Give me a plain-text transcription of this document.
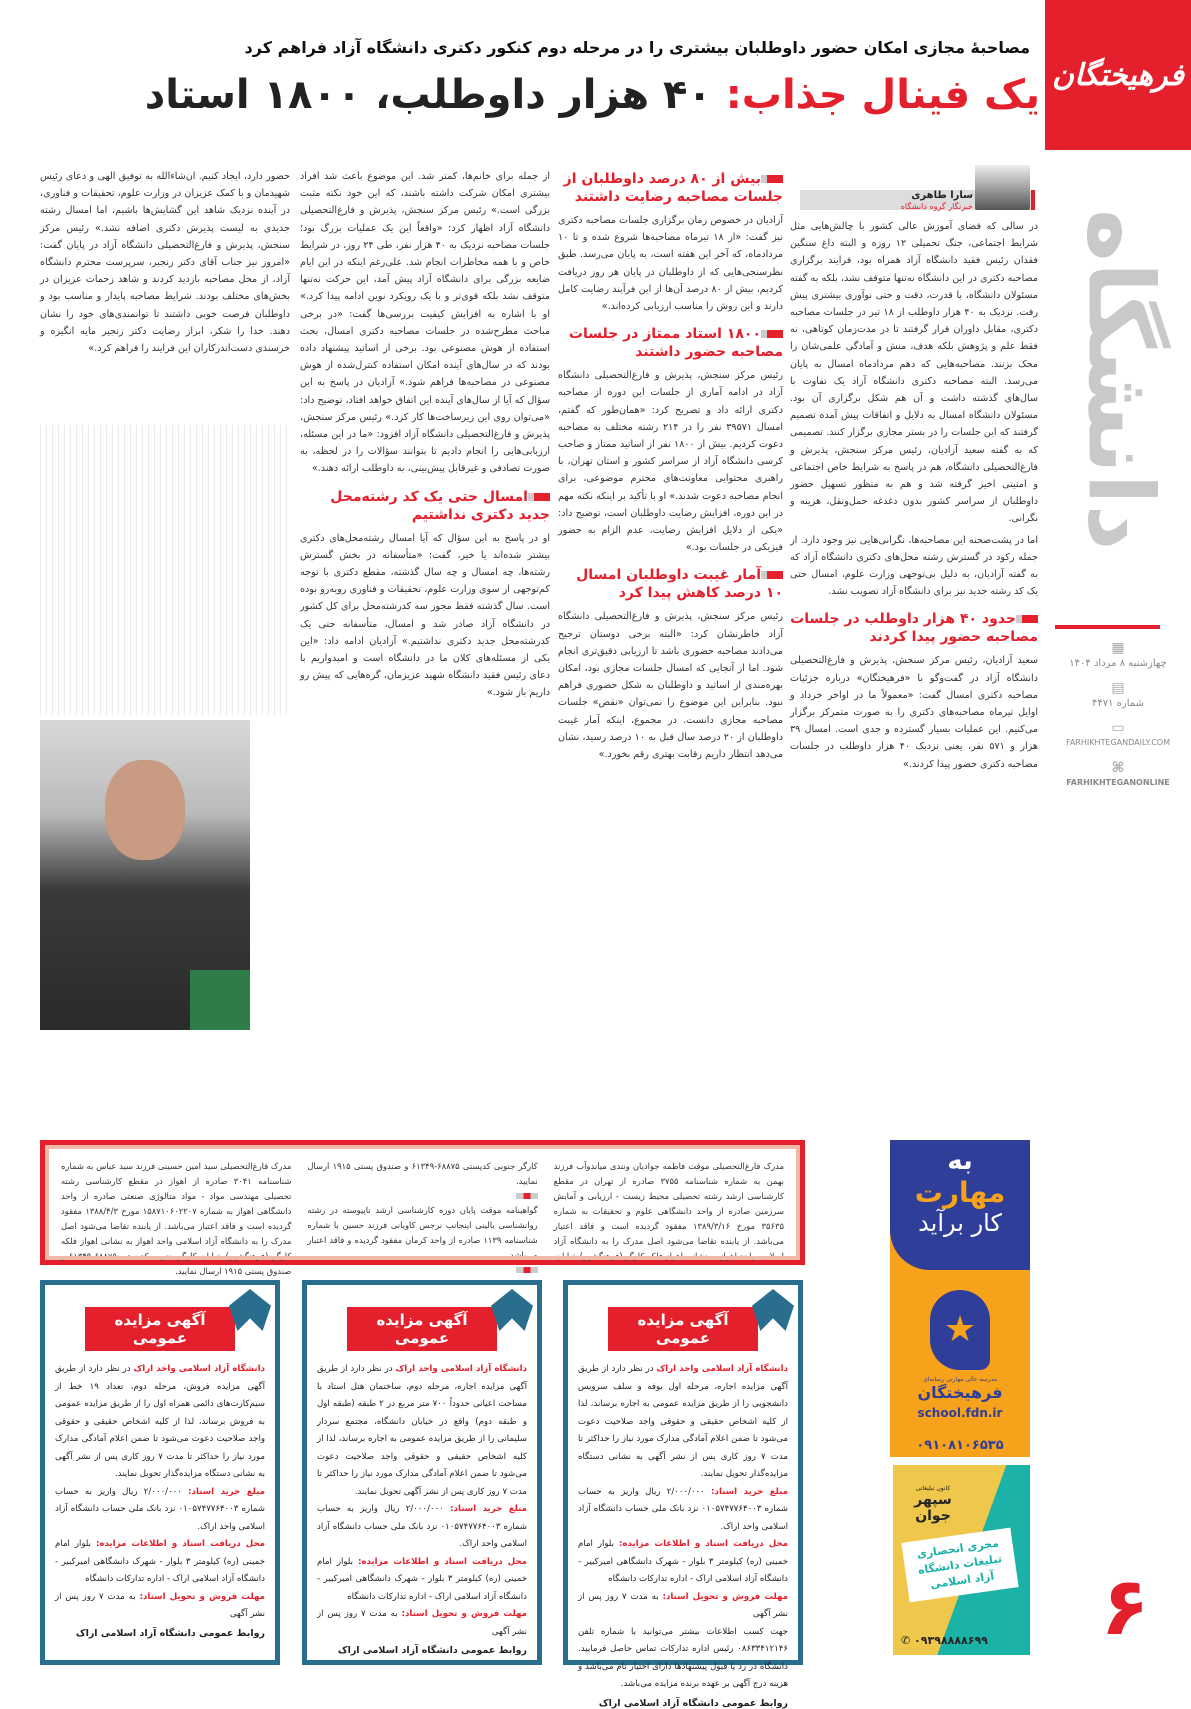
فرهیختگان
دانشگاه
▦
چهارشنبه ۸ مرداد ۱۴۰۴
▤
شماره ۴۴۷۱
▭
FARHIKHTEGANDAILY.COM
⌘
FARHIKHTEGANONLINE
۶
مصاحبهٔ مجازی امکان حضور داوطلبان بیشتری را در مرحله دوم کنکور دکتری دانشگاه آزاد فراهم کرد
یک فینال جذاب: ۴۰ هزار داوطلب، ۱۸۰۰ استاد
سارا طاهری
خبرنگار گروه دانشگاه

در سالی که فضای آموزش عالی کشور با چالش‌هایی مثل شرایط اجتماعی، جنگ تحمیلی ۱۲ روزه و البته داغ سنگین فقدان رئیس فقید دانشگاه آزاد همراه بود، فرایند برگزاری مصاحبه دکتری در این دانشگاه نه‌تنها متوقف نشد، بلکه به گفته مسئولان دانشگاه، با قدرت، دقت و حتی نوآوری بیشتری پیش رفت. نزدیک به ۴۰ هزار داوطلب از ۱۸ تیر در جلسات مصاحبه دکتری، مقابل داوران قرار گرفتند تا در مدت‌زمان کوتاهی، نه فقط علم و پژوهش بلکه هدف، منش و آمادگی علمی‌شان را محک بزنند. مصاحبه‌هایی که دهم مردادماه امسال به پایان می‌رسد. البته مصاحبه دکتری دانشگاه آزاد یک تفاوت با سال‌های گذشته داشت و آن هم شکل برگزاری آن بود. مسئولان دانشگاه امسال به دلایل و اتفاقات پیش آمده تصمیم گرفتند که این جلسات را در بستر مجازی برگزار کنند. تصمیمی که به گفته سعید آزادیان، رئیس مرکز سنجش، پذیرش و فارغ‌التحصیلی دانشگاه، هم در پاسخ به شرایط خاص اجتماعی و امنیتی اخیر گرفته شد و هم به منظور تسهیل حضور داوطلبان از سراسر کشور بدون دغدغه حمل‌ونقل، هزینه و نگرانی.

اما در پشت‌صحنه این مصاحبه‌ها، نگرانی‌هایی نیز وجود دارد. از جمله رکود در گسترش رشته محل‌های دکتری دانشگاه آزاد که به گفته آزادیان، به دلیل بی‌توجهی وزارت علوم، امسال حتی یک کد رشته جدید نیز برای دانشگاه آزاد تصویب نشد.

حدود ۴۰ هزار داوطلب در جلسات مصاحبه حضور پیدا کردند

سعید آزادیان، رئیس مرکز سنجش، پذیرش و فارغ‌التحصیلی دانشگاه آزاد در گفت‌وگو با «فرهیختگان» درباره جزئیات مصاحبه دکتری امسال گفت: «معمولاً ما در اواخر خرداد و اوایل تیرماه مصاحبه‌های دکتری را به صورت متمرکز برگزار می‌کنیم. این عملیات بسیار گسترده و جدی است. امسال ۳۹ هزار و ۵۷۱ نفر، یعنی نزدیک ۴۰ هزار داوطلب در جلسات مصاحبه دکتری حضور پیدا کردند.»

بیش از ۸۰ درصد داوطلبان از جلسات مصاحبه رضایت داشتند

آزادیان در خصوص زمان برگزاری جلسات مصاحبه دکتری نیز گفت: «از ۱۸ تیرماه مصاحبه‌ها شروع شده و تا ۱۰ مردادماه، که آخر این هفته است، به پایان می‌رسد. طبق نظرسنجی‌هایی که از داوطلبان در پایان هر روز دریافت کردیم، بیش از ۸۰ درصد آن‌ها از این فرآیند رضایت کامل دارند و این روش را مناسب ارزیابی کرده‌اند.»

۱۸۰۰ استاد ممتاز در جلسات مصاحبه حضور داشتند

رئیس مرکز سنجش، پذیرش و فارغ‌التحصیلی دانشگاه آزاد در ادامه آماری از جلسات این دوره از مصاحبه دکتری ارائه داد و تصریح کرد: «همان‌طور که گفتم، امسال ۳۹۵۷۱ نفر را در ۲۱۴ رشته مختلف به مصاحبه دعوت کردیم. بیش از ۱۸۰۰ نفر از اساتید ممتاز و صاحب کرسی دانشگاه آزاد از سراسر کشور و استان تهران، با راهبری محتوایی معاونت‌های محترم موضوعی، برای انجام مصاحبه دعوت شدند.» او با تأکید بر اینکه نکته مهم در این دوره، افزایش رضایت داوطلبان است، توضیح داد: «یکی از دلایل افزایش رضایت، عدم الزام به حضور فیزیکی در جلسات بود.»

آمار غیبت داوطلبان امسال ۱۰ درصد کاهش پیدا کرد

رئیس مرکز سنجش، پذیرش و فارغ‌التحصیلی دانشگاه آزاد خاطرنشان کرد: «البته برخی دوستان ترجیح می‌دادند مصاحبه حضوری باشد تا ارزیابی دقیق‌تری انجام شود. اما از آنجایی که امسال جلسات مجازی بود، امکان بهره‌مندی از اساتید و داوطلبان به شکل حضوری فراهم نبود. بنابراین این موضوع را نمی‌توان «نقص» جلسات مصاحبه مجازی دانست. در مجموع، اینکه آمار غیبت داوطلبان از ۲۰ درصد سال قبل به ۱۰ درصد رسید، نشان می‌دهد انتظار داریم رقابت بهتری رقم بخورد.»

از جمله برای خانم‌ها، کمتر شد. این موضوع باعث شد افراد بیشتری امکان شرکت داشته باشند، که این خود نکته مثبت بزرگی است.» رئیس مرکز سنجش، پذیرش و فارغ‌التحصیلی دانشگاه آزاد اظهار کرد: «واقعاً این یک عملیات بزرگ بود؛ جلسات مصاحبه نزدیک به ۴۰ هزار نفر، طی ۲۴ روز، در شرایط خاص و با همه مخاطرات انجام شد. علی‌رغم اینکه در این ایام ضایعه بزرگی برای دانشگاه آزاد پیش آمد، این حرکت نه‌تنها متوقف نشد بلکه قوی‌تر و با یک رویکرد نوین ادامه پیدا کرد.» او با اشاره به افزایش کیفیت بررسی‌ها گفت: «در برخی مباحث مطرح‌شده در جلسات مصاحبه دکتری امسال، بحث استفاده از هوش مصنوعی بود. برخی از اساتید پیشنهاد داده بودند که در سال‌های آینده امکان استفاده کنترل‌شده از هوش مصنوعی در مصاحبه‌ها فراهم شود.» آزادیان در پاسخ به این سؤال که آیا از سال‌های آینده این اتفاق خواهد افتاد، توضیح داد: «می‌توان روی این زیرساخت‌ها کار کرد.» رئیس مرکز سنجش، پذیرش و فارغ‌التحصیلی دانشگاه آزاد افزود: «ما در این مسئله، ارزیابی‌هایی را انجام دادیم تا بتوانند سؤالات را در لحظه، به صورت تصادفی و غیرقابل پیش‌بینی، به داوطلب ارائه دهند.»

امسال حتی یک کد رشته‌محل جدید دکتری نداشتیم

او در پاسخ به این سؤال که آیا امسال رشته‌محل‌های دکتری بیشتر شده‌اند یا خیر، گفت: «متأسفانه در بخش گسترش رشته‌ها، چه امسال و چه سال گذشته، مقطع دکتری با توجه کم‌توجهی از سوی وزارت علوم، تحقیقات و فناوری رویه‌رو بوده است. سال گذشته فقط مجوز سه کدرشته‌محل برای کل کشور در دانشگاه آزاد صادر شد و امسال، متأسفانه حتی یک کدرشته‌محل جدید دکتری نداشتیم.» آزادیان ادامه داد: «این یکی از مسئله‌های کلان ما در دانشگاه است و امیدواریم با دعای رئیس فقید دانشگاه شهید عزیزمان، گره‌هایی که پیش رو داریم باز شود.»

حضور دارد، ایجاد کنیم. ان‌شاءالله به توفیق الهی و دعای رئیس شهیدمان و با کمک عزیزان در وزارت علوم، تحقیقات و فناوری، در آینده نزدیک شاهد این گشایش‌ها باشیم، اما امسال رشته جدیدی به لیست پذیرش دکتری اضافه نشد.» رئیس مرکز سنجش، پذیرش و فارغ‌التحصیلی دانشگاه آزاد در پایان گفت: «امروز نیز جناب آقای دکتر زنجیر، سرپرست محترم دانشگاه آزاد، از محل مصاحبه بازدید کردند و شاهد زحمات عزیزان در بخش‌های مختلف بودند. شرایط مصاحبه پایدار و مناسب بود و داوطلبان فرصت خوبی داشتند تا توانمندی‌های خود را نشان دهند. خدا را شکر، ابراز رضایت دکتر زنجیر مایه انگیزه و خرسندی دست‌اندرکاران این فرایند را فراهم کرد.»

مدرک فارغ‌التحصیلی موقت فاطمه جوادیان ونندی میاندوآب فرزند بهمن به شماره شناسنامه ۳۷۵۵ صادره از تهران در مقطع کارشناسی ارشد رشته تحصیلی محیط زیست - ارزیابی و آمایش سرزمین صادره از واحد دانشگاهی علوم و تحقیقات به شماره ۳۵۶۳۵ مورخ ۱۳۸۹/۳/۱۶ مفقود گردیده است و فاقد اعتبار می‌باشد. از یابنده تقاضا می‌شود اصل مدرک را به دانشگاه آزاد اسلامی واحد اهواز به نشانی اهواز فلکه کارگر (فرهنگشهر) خیابان
کارگر جنوبی کدپستی ۶۸۸۷۵-۶۱۳۴۹ و صندوق پستی ۱۹۱۵ ارسال نمایید.
گواهینامه موقت پایان دوره کارشناسی ارشد ناپیوسته در رشته روانشناسی بالینی اینجانب نرجس کاویانی فرزند حسین با شماره شناسنامه ۱۱۳۹ صادره از واحد کرمان مفقود گردیده و فاقد اعتبار می‌باشد.
مدرک فارغ‌التحصیلی سید امین حسینی فرزند سید عباس به شماره شناسنامه ۳۰۴۱ صادره از اهواز در مقطع کارشناسی رشته تحصیلی مهندسی مواد - مواد متالوژی صنعتی صادره از واحد دانشگاهی اهواز به شماره ۱۵۸۷۱۰۶۰۲۲۰۷ مورخ ۱۳۸۸/۴/۳ مفقود گردیده است و فاقد اعتبار می‌باشد. از یابنده تقاضا می‌شود اصل مدرک را به دانشگاه آزاد اسلامی واحد اهواز به نشانی اهواز فلکه کارگر (فرهنگشهر) خیابان کارگر جنوبی کدپستی ۶۸۸۷۵-۶۱۳۴۹ و صندوق پستی ۱۹۱۵ ارسال نمایید.
آگهی مزایده عمومی
دانشگاه آزاد اسلامی واحد اراک در نظر دارد از طریق آگهی مزایده اجاره، مرحله اول بوفه و سلف سرویس دانشجویی را از طریق مزایده عمومی به اجاره برساند، لذا از کلیه اشخاص حقیقی و حقوقی واجد صلاحیت دعوت می‌شود تا ضمن اعلام آمادگی مدارک مورد نیاز را حداکثر تا مدت ۷ روز کاری پس از نشر آگهی به نشانی دستگاه مزایده‌گذار تحویل نمایند.
مبلغ خرید اسناد: ۲/۰۰۰/۰۰۰ ریال واریز به حساب شماره ۰۱۰۵۷۴۷۷۶۴۰۰۳ نزد بانک ملی حساب دانشگاه آزاد اسلامی واحد اراک.
محل دریافت اسناد و اطلاعات مزایده: بلوار امام خمینی (ره) کیلومتر ۳ بلوار - شهرک دانشگاهی امیرکبیر - دانشگاه آزاد اسلامی اراک - اداره تدارکات دانشگاه
مهلت فروش و تحویل اسناد: به مدت ۷ روز پس از نشر آگهی
جهت کسب اطلاعات بیشتر می‌توانید با شماره تلفن ۰۸۶۳۳۴۱۲۱۴۶ رئیس اداره تدارکات تماس حاصل فرمایید. دانشگاه در رد یا قبول پیشنهادها دارای اختیار تام می‌باشد و هزینه درج آگهی بر عهده برنده مزایده می‌باشد.
روابط عمومی دانشگاه آزاد اسلامی اراک
آگهی مزایده عمومی
دانشگاه آزاد اسلامی واحد اراک در نظر دارد از طریق آگهی مزایده اجاره، مرحله دوم، ساختمان هتل استاد با مساحت اعیانی حدوداً ۷۰۰ متر مربع در ۲ طبقه (طبقه اول و طبقه دوم) واقع در خیابان دانشگاه، مجتمع سردار سلیمانی را از طریق مزایده عمومی به اجاره برساند، لذا از کلیه اشخاص حقیقی و حقوقی واجد صلاحیت دعوت می‌شود تا ضمن اعلام آمادگی مدارک مورد نیاز را حداکثر تا مدت ۷ روز کاری پس از نشر آگهی تحویل نمایند.
مبلغ خرید اسناد: ۲/۰۰۰/۰۰۰ ریال واریز به حساب شماره ۰۱۰۵۷۴۷۷۶۴۰۰۳ نزد بانک ملی حساب دانشگاه آزاد اسلامی واحد اراک.
محل دریافت اسناد و اطلاعات مزایده: بلوار امام خمینی (ره) کیلومتر ۳ بلوار - شهرک دانشگاهی امیرکبیر - دانشگاه آزاد اسلامی اراک - اداره تدارکات دانشگاه
مهلت فروش و تحویل اسناد: به مدت ۷ روز پس از نشر آگهی
روابط عمومی دانشگاه آزاد اسلامی اراک
آگهی مزایده عمومی
دانشگاه آزاد اسلامی واحد اراک در نظر دارد از طریق آگهی مزایده فروش، مرحله دوم، تعداد ۱۹ خط از سیم‌کارت‌های دائمی همراه اول را از طریق مزایده عمومی به فروش برساند، لذا از کلیه اشخاص حقیقی و حقوقی واجد صلاحیت دعوت می‌شود تا ضمن اعلام آمادگی مدارک مورد نیاز را حداکثر تا مدت ۷ روز کاری پس از نشر آگهی به نشانی دستگاه مزایده‌گذار تحویل نمایند.
مبلغ خرید اسناد: ۲/۰۰۰/۰۰۰ ریال واریز به حساب شماره ۰۱۰۵۷۴۷۷۶۴۰۰۳ نزد بانک ملی حساب دانشگاه آزاد اسلامی واحد اراک.
محل دریافت اسناد و اطلاعات مزایده: بلوار امام خمینی (ره) کیلومتر ۳ بلوار - شهرک دانشگاهی امیرکبیر - دانشگاه آزاد اسلامی اراک - اداره تدارکات دانشگاه
مهلت فروش و تحویل اسناد: به مدت ۷ روز پس از نشر آگهی
روابط عمومی دانشگاه آزاد اسلامی اراک
به
مهارت
کار برآید
★
مدرسه عالی مهارتی رسانه‌ای
فرهیختگان
school.fdn.ir
۰۹۱۰۸۱۰۶۵۳۵
کانون تبلیغاتی
سپهر جوان
مجری انحصاری تبلیغات دانشگاه آزاد اسلامی
✆ ۰۹۳۹۸۸۸۸۶۹۹
